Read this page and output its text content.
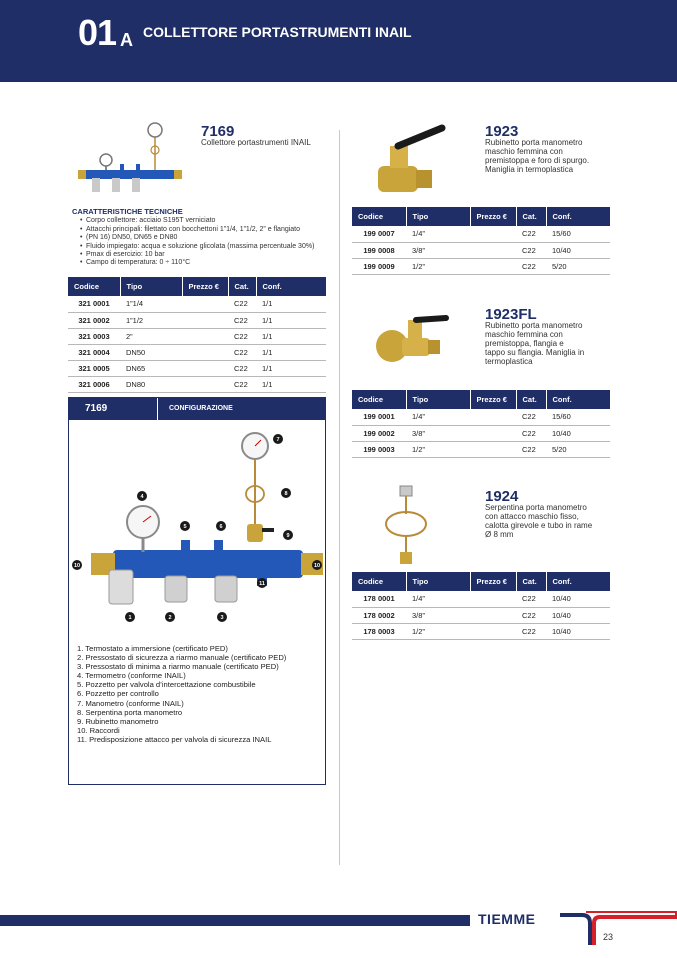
01 A COLLETTORE PORTASTRUMENTI INAIL
7169
Collettore portastrumenti INAIL
CARATTERISTICHE TECNICHE
• Corpo collettore: acciaio S195T verniciato
• Attacchi principali: filettato con bocchettoni 1”1/4, 1”1/2, 2” e flangiato
• (PN 16) DN50, DN65 e DN80
• Fluido impiegato: acqua e soluzione glicolata (massima percentuale 30%)
• Pmax di esercizio: 10 bar
• Campo di temperatura: 0 ÷ 110°C
Codice	Tipo	Prezzo €	Cat.	Conf.
321 0001	1”1/4		C22	1/1
321 0002	1”1/2		C22	1/1
321 0003	2”		C22	1/1
321 0004	DN50		C22	1/1
321 0005	DN65		C22	1/1
321 0006	DN80		C22	1/1
7169	CONFIGURAZIONE
1	2	3
4
5	6
7
8
9
10	10
11
1. Termostato a immersione (certificato PED)
2. Pressostato di sicurezza a riarmo manuale (certificato PED)
3. Pressostato di minima a riarmo manuale (certificato PED)
4. Termometro (conforme INAIL)
5. Pozzetto per valvola d’intercettazione combustibile
6. Pozzetto per controllo
7. Manometro (conforme INAIL)
8. Serpentina porta manometro
9. Rubinetto manometro
10. Raccordi
11. Predisposizione attacco per valvola di sicurezza INAIL
1923
Rubinetto porta manometro
maschio femmina con
premistoppa e foro di spurgo.
Maniglia in termoplastica
Codice	Tipo	Prezzo €	Cat.	Conf.
199 0007	1/4”		C22	15/60
199 0008	3/8”		C22	10/40
199 0009	1/2”		C22	5/20
1923FL
Rubinetto porta manometro
maschio femmina con
premistoppa, flangia e
tappo su flangia. Maniglia in
termoplastica
Codice	Tipo	Prezzo €	Cat.	Conf.
199 0001	1/4”		C22	15/60
199 0002	3/8”		C22	10/40
199 0003	1/2”		C22	5/20
1924
Serpentina porta manometro
con attacco maschio fisso,
calotta girevole e tubo in rame
Ø 8 mm
Codice	Tipo	Prezzo €	Cat.	Conf.
178 0001	1/4”		C22	10/40
178 0002	3/8”		C22	10/40
178 0003	1/2”		C22	10/40
TIEMME
23
